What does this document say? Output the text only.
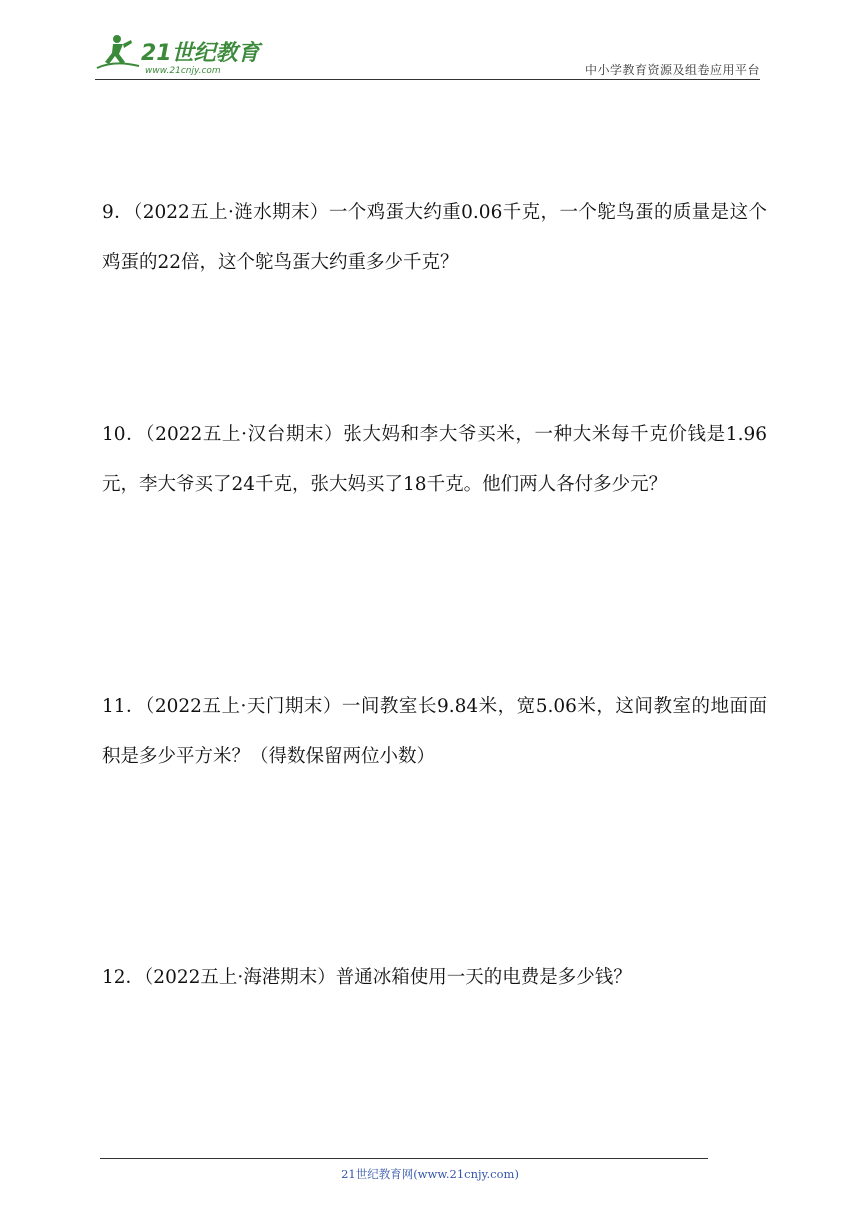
21世纪教育
www.21cnjy.com	中小学教育资源及组卷应用平台
9．（2022五上·涟水期末）一个鸡蛋大约重0.06千克，一个鸵鸟蛋的质量是这个鸡蛋的22倍，这个鸵鸟蛋大约重多少千克？
10．（2022五上·汉台期末）张大妈和李大爷买米，一种大米每千克价钱是1.96元，李大爷买了24千克，张大妈买了18千克。他们两人各付多少元？
11．（2022五上·天门期末）一间教室长9.84米，宽5.06米，这间教室的地面面积是多少平方米？（得数保留两位小数）
12．（2022五上·海港期末）普通冰箱使用一天的电费是多少钱？
21世纪教育网(www.21cnjy.com)
